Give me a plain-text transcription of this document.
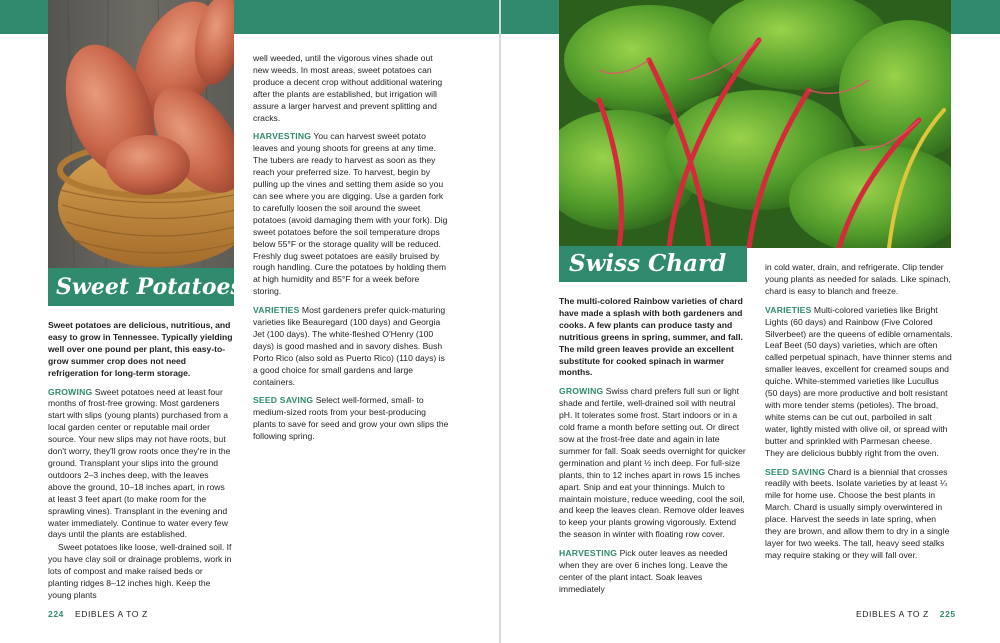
Sweet Potatoes

Sweet potatoes are delicious, nutritious, and easy to grow in Tennessee. Typically yielding well over one pound per plant, this easy-to-grow summer crop does not need refrigeration for long-term storage.

GROWING Sweet potatoes need at least four months of frost-free growing. Most gardeners start with slips (young plants) purchased from a local garden center or reputable mail order source. Your new slips may not have roots, but don't worry, they'll grow roots once they're in the ground. Transplant your slips into the ground outdoors 2–3 inches deep, with the leaves above the ground, 10–18 inches apart, in rows at least 3 feet apart (to make room for the sprawling vines). Transplant in the evening and water immediately. Continue to water every few days until the plants are established.

Sweet potatoes like loose, well-drained soil. If you have clay soil or drainage problems, work in lots of compost and make raised beds or planting ridges 8–12 inches high. Keep the young plants

well weeded, until the vigorous vines shade out new weeds. In most areas, sweet potatoes can produce a decent crop without additional watering after the plants are established, but irrigation will assure a larger harvest and prevent splitting and cracks.

HARVESTING You can harvest sweet potato leaves and young shoots for greens at any time. The tubers are ready to harvest as soon as they reach your preferred size. To harvest, begin by pulling up the vines and setting them aside so you can see where you are digging. Use a garden fork to carefully loosen the soil around the sweet potatoes (avoid damaging them with your fork). Dig sweet potatoes before the soil temperature drops below 55°F or the storage quality will be reduced. Freshly dug sweet potatoes are easily bruised by rough handling. Cure the potatoes by holding them at high humidity and 85°F for a week before storing.

VARIETIES Most gardeners prefer quick-maturing varieties like Beauregard (100 days) and Georgia Jet (100 days). The white-fleshed O'Henry (100 days) is good mashed and in savory dishes. Bush Porto Rico (also sold as Puerto Rico) (110 days) is a good choice for small gardens and large containers.

SEED SAVING Select well-formed, small- to medium-sized roots from your best-producing plants to save for seed and grow your own slips the following spring.

224 EDIBLES A TO Z
Swiss Chard

The multi-colored Rainbow varieties of chard have made a splash with both gardeners and cooks. A few plants can produce tasty and nutritious greens in spring, summer, and fall. The mild green leaves provide an excellent substitute for cooked spinach in warmer months.

GROWING Swiss chard prefers full sun or light shade and fertile, well-drained soil with neutral pH. It tolerates some frost. Start indoors or in a cold frame a month before setting out. Or direct sow at the frost-free date and again in late summer for fall. Soak seeds overnight for quicker germination and plant ½ inch deep. For full-size plants, thin to 12 inches apart in rows 15 inches apart. Snip and eat your thinnings. Mulch to maintain moisture, reduce weeding, cool the soil, and keep the leaves clean. Remove older leaves to keep your plants growing vigorously. Extend the season in winter with floating row cover.

HARVESTING Pick outer leaves as needed when they are over 6 inches long. Leave the center of the plant intact. Soak leaves immediately

in cold water, drain, and refrigerate. Clip tender young plants as needed for salads. Like spinach, chard is easy to blanch and freeze.

VARIETIES Multi-colored varieties like Bright Lights (60 days) and Rainbow (Five Colored Silverbeet) are the queens of edible ornamentals. Leaf Beet (50 days) varieties, which are often called perpetual spinach, have thinner stems and smaller leaves, excellent for creamed soups and quiche. White-stemmed varieties like Lucullus (50 days) are more productive and bolt resistant with more tender stems (petioles). The broad, white stems can be cut out, parboiled in salt water, lightly misted with olive oil, or spread with butter and sprinkled with Parmesan cheese. They are delicious bubbly right from the oven.

SEED SAVING Chard is a biennial that crosses readily with beets. Isolate varieties by at least ¼ mile for home use. Choose the best plants in March. Chard is usually simply overwintered in place. Harvest the seeds in late spring, when they are brown, and allow them to dry in a single layer for two weeks. The tall, heavy seed stalks may require staking or they will fall over.

EDIBLES A TO Z 225
